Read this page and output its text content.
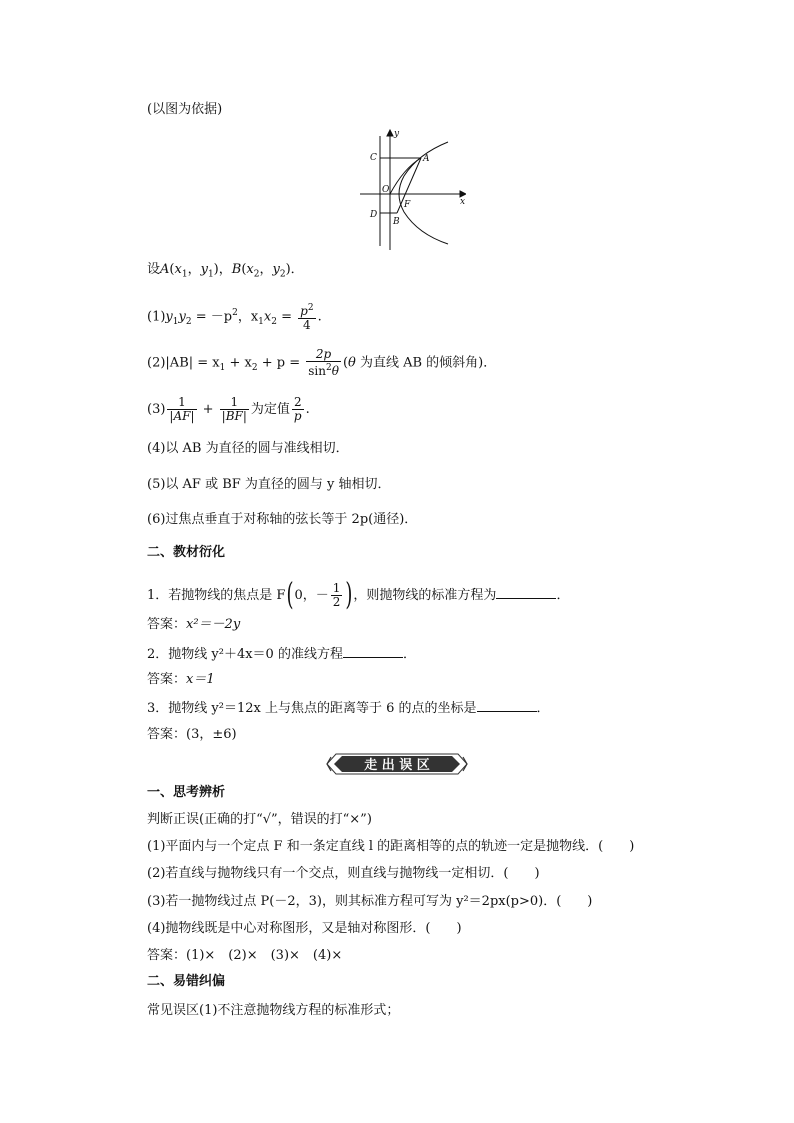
(以图为依据)
y
x
C	A
O
D
F
B
设$A(x_1$，$y_1$)，$B(x_2$，$y_2$)．
$(1)y_1y_2 = -p^2$，$x_1x_2 = \frac{p^2}{4}$ .
$(2)|AB| = x_1 + x_2 + p = \frac{2p}{\sin^2\theta} (\theta$ 为直线 AB 的倾斜角)．
$(3) \frac{1}{|AF|} + \frac{1}{|BF|}$ 为定值 $\frac{2}{p}$ .
(4)以 AB 为直径的圆与准线相切．
(5)以 AF 或 BF 为直径的圆与 y 轴相切．
(6)过焦点垂直于对称轴的弦长等于 2p(通径)．
二、教材衍化
1．若抛物线的焦点是 F(0，－ $\frac{1}{2}$ )，则抛物线的标准方程为	．
答案：x²＝－2y
2．抛物线 y²＋4x＝0 的准线方程	．
答案：x＝1
3．抛物线 y²＝12x 上与焦点的距离等于 6 的点的坐标是	．
答案：(3，±6)
走 出 误 区
一、思考辨析
判断正误(正确的打“√”，错误的打“×”)
(1)平面内与一个定点 F 和一条定直线 l 的距离相等的点的轨迹一定是抛物线．(　　)
(2)若直线与抛物线只有一个交点，则直线与抛物线一定相切．(　　)
(3)若一抛物线过点 P(－2，3)，则其标准方程可写为 y²＝2px(p>0)．(　　)
(4)抛物线既是中心对称图形，又是轴对称图形．(　　)
答案：(1)×　(2)×　(3)×　(4)×
二、易错纠偏
常见误区(1)不注意抛物线方程的标准形式；
